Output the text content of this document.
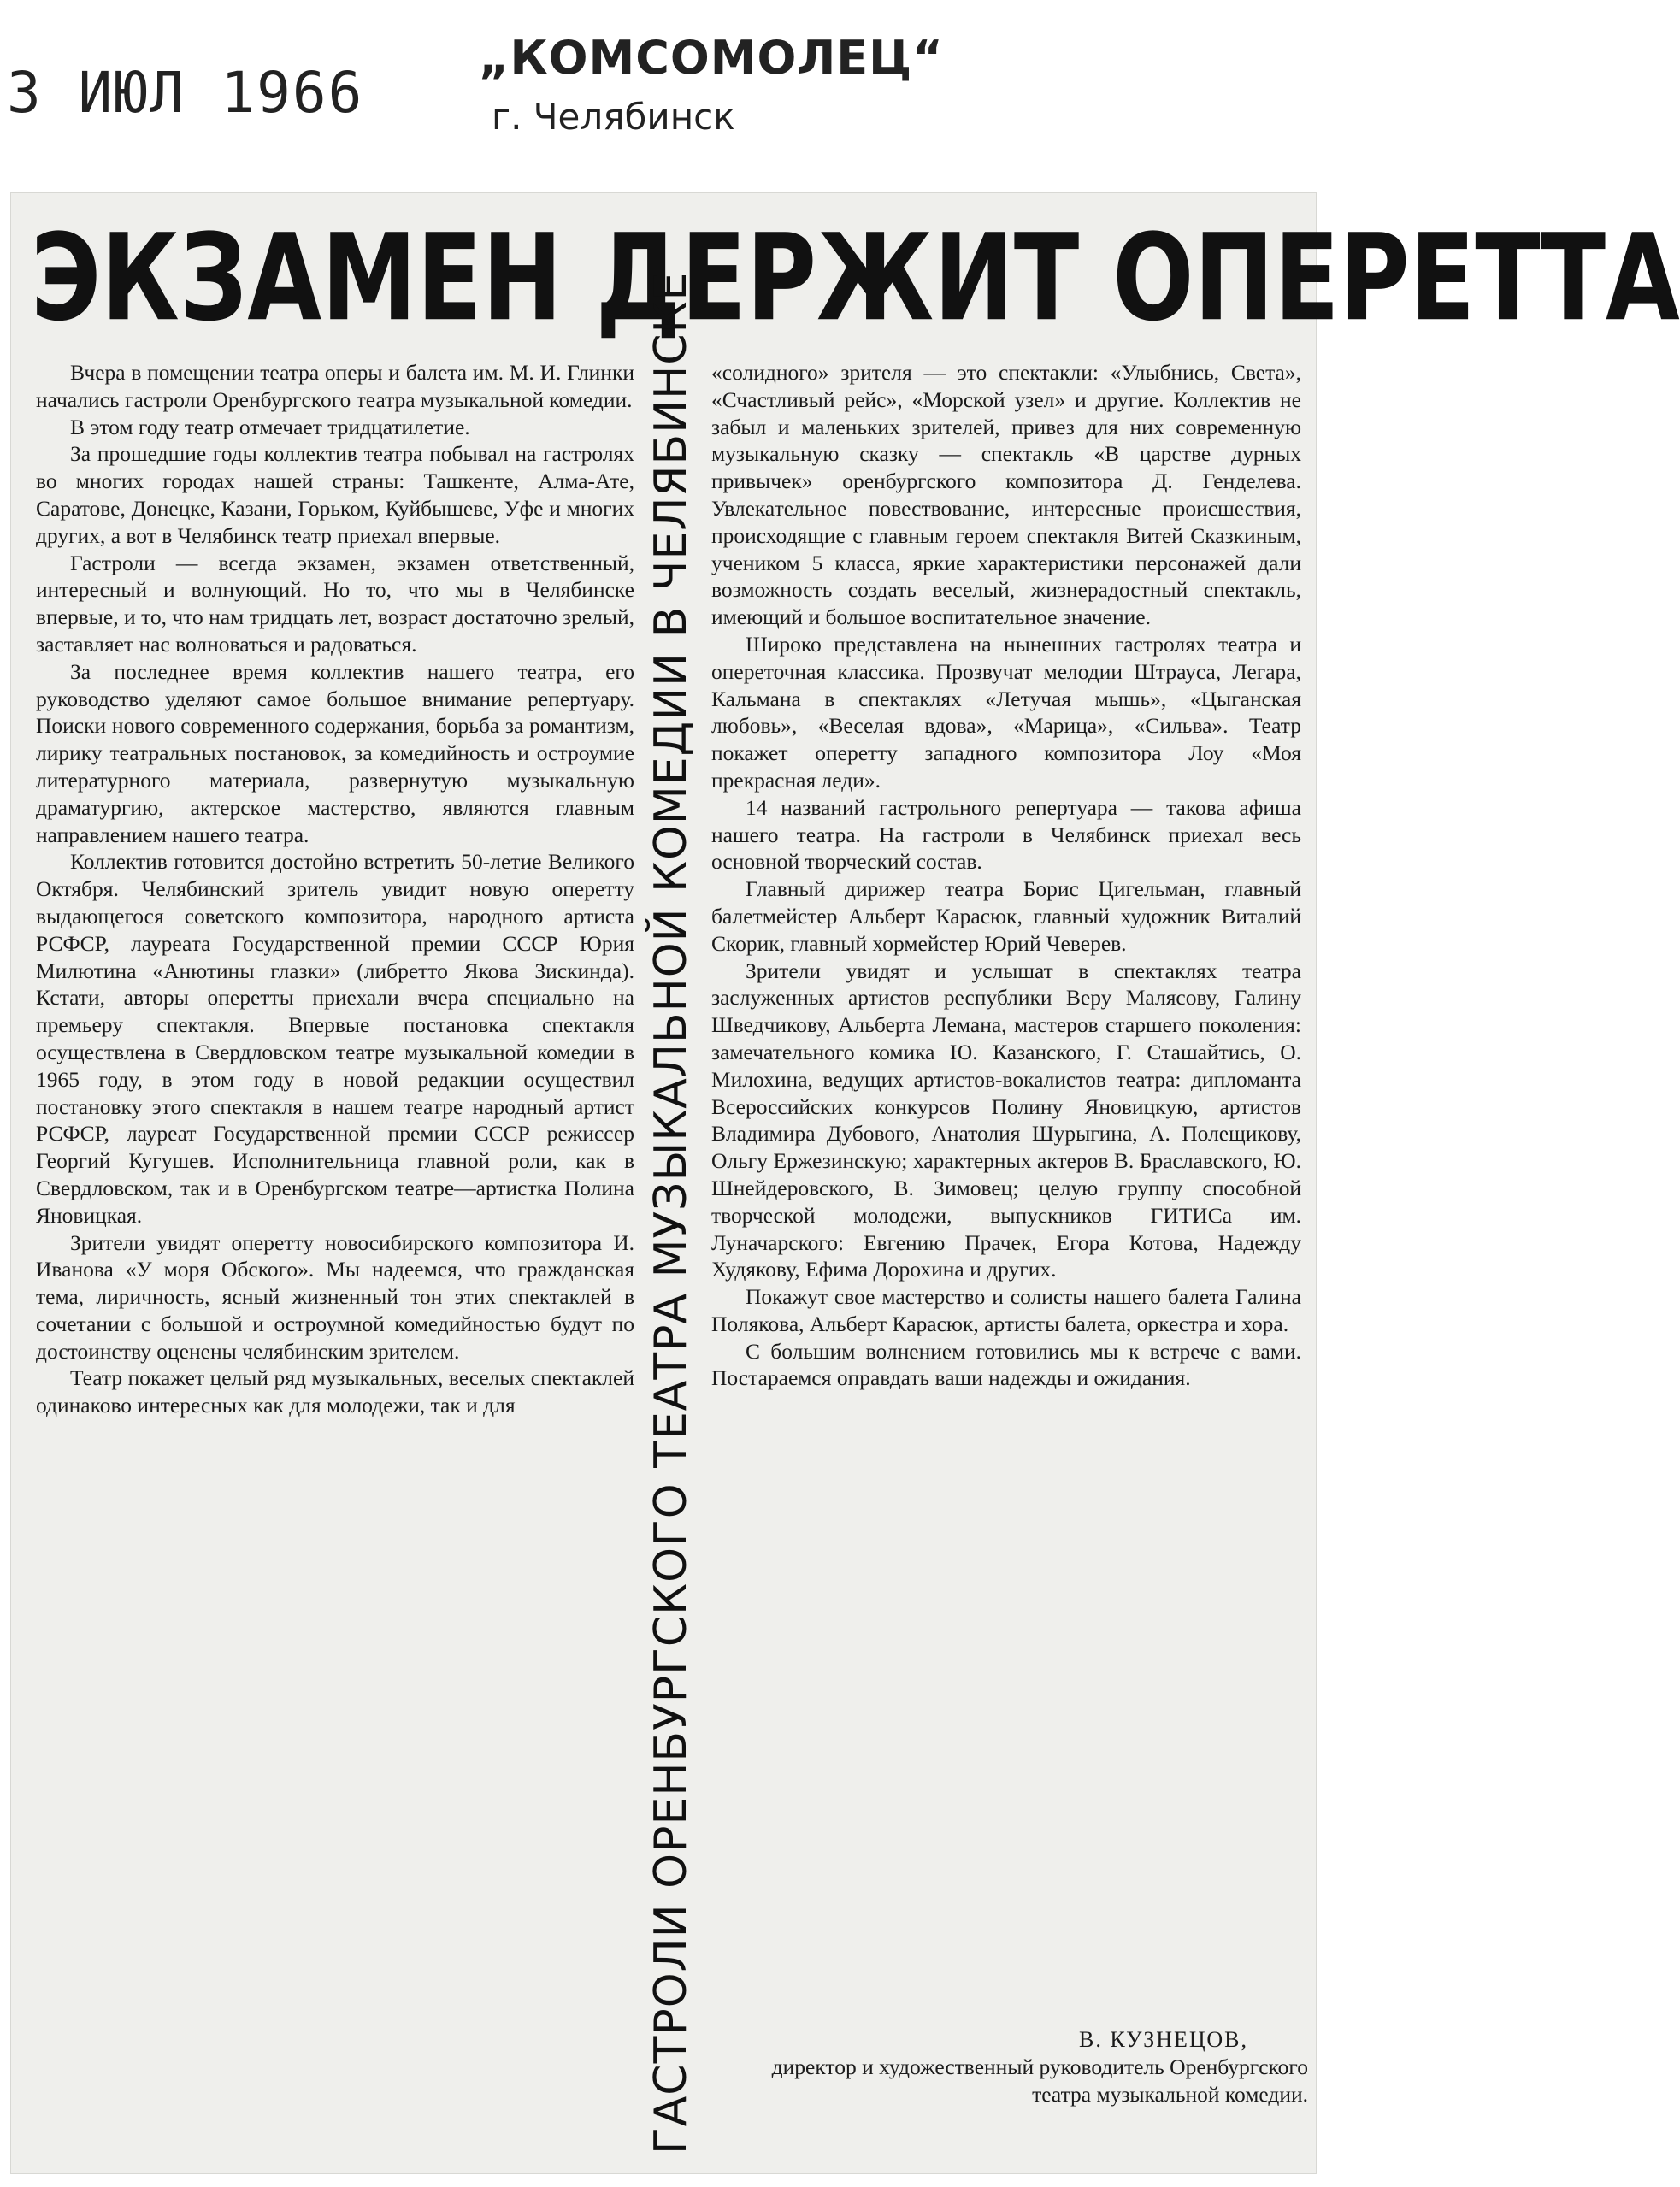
3 ИЮЛ 1966
„КОМСОМОЛЕЦ“
г. Челябинск
ЭКЗАМЕН ДЕРЖИТ ОПЕРЕТТА

Вчера в помещении театра оперы и балета им. М. И. Глинки начались гастроли Оренбургского театра музыкальной комедии.

В этом году театр отмечает тридцатилетие.

За прошедшие годы коллектив театра побывал на гастролях во многих городах нашей страны: Ташкенте, Алма-Ате, Саратове, Донецке, Казани, Горьком, Куйбышеве, Уфе и многих других, а вот в Челябинск театр приехал впервые.

Гастроли — всегда экзамен, экзамен ответственный, интересный и волнующий. Но то, что мы в Челябинске впервые, и то, что нам тридцать лет, возраст достаточно зрелый, заставляет нас волноваться и радоваться.

За последнее время коллектив нашего театра, его руководство уделяют самое большое внимание репертуару. Поиски нового современного содержания, борьба за романтизм, лирику театральных постановок, за комедийность и остроумие литературного материала, развернутую музыкальную драматургию, актерское мастерство, являются главным направлением нашего театра.

Коллектив готовится достойно встретить 50-летие Великого Октября. Челябинский зритель увидит новую оперетту выдающегося советского композитора, народного артиста РСФСР, лауреата Государственной премии СССР Юрия Милютина «Анютины глазки» (либретто Якова Зискинда). Кстати, авторы оперетты приехали вчера специально на премьеру спектакля. Впервые постановка спектакля осуществлена в Свердловском театре музыкальной комедии в 1965 году, в этом году в новой редакции осуществил постановку этого спектакля в нашем театре народный артист РСФСР, лауреат Государственной премии СССР режиссер Георгий Кугушев. Исполнительница главной роли, как в Свердловском, так и в Оренбургском театре—артистка Полина Яновицкая.

Зрители увидят оперетту новосибирского композитора И. Иванова «У моря Обского». Мы надеемся, что гражданская тема, лиричность, ясный жизненный тон этих спектаклей в сочетании с большой и остроумной комедийностью будут по достоинству оценены челябинским зрителем.

Театр покажет целый ряд музыкальных, веселых спектаклей одинаково интересных как для молодежи, так и для	ГАСТРОЛИ ОРЕНБУРГСКОГО ТЕАТРА МУЗЫКАЛЬНОЙ КОМЕДИИ В ЧЕЛЯБИНСКЕ «солидного» зрителя — это спектакли: «Улыбнись, Света», «Счастливый рейс», «Морской узел» и другие. Коллектив не забыл и маленьких зрителей, привез для них современную музыкальную сказку — спектакль «В царстве дурных привычек» оренбургского композитора Д. Генделева. Увлекательное повествование, интересные происшествия, происходящие с главным героем спектакля Витей Сказкиным, учеником 5 класса, яркие характеристики персонажей дали возможность создать веселый, жизнерадостный спектакль, имеющий и большое воспитательное значение.

Широко представлена на нынешних гастролях театра и опереточная классика. Прозвучат мелодии Штрауса, Легара, Кальмана в спектаклях «Летучая мышь», «Цыганская любовь», «Веселая вдова», «Марица», «Сильва». Театр покажет оперетту западного композитора Лоу «Моя прекрасная леди».

14 названий гастрольного репертуара — такова афиша нашего театра. На гастроли в Челябинск приехал весь основной творческий состав.

Главный дирижер театра Борис Цигельман, главный балетмейстер Альберт Карасюк, главный художник Виталий Скорик, главный хормейстер Юрий Чеверев.

Зрители увидят и услышат в спектаклях театра заслуженных артистов республики Веру Малясову, Галину Шведчикову, Альберта Лемана, мастеров старшего поколения: замечательного комика Ю. Казанского, Г. Сташайтись, О. Милохина, ведущих артистов-вокалистов театра: дипломанта Всероссийских конкурсов Полину Яновицкую, артистов Владимира Дубового, Анатолия Шурыгина, А. Полещикову, Ольгу Ержезинскую; характерных актеров В. Браславского, Ю. Шнейдеровского, В. Зимовец; целую группу способной творческой молодежи, выпускников ГИТИСа им. Луначарского: Евгению Прачек, Егора Котова, Надежду Худякову, Ефима Дорохина и других.

Покажут свое мастерство и солисты нашего балета Галина Полякова, Альберт Карасюк, артисты балета, оркестра и хора.

С большим волнением готовились мы к встрече с вами. Постараемся оправдать ваши надежды и ожидания.

В. КУЗНЕЦОВ,
директор и художественный руководитель Оренбургского театра музыкальной комедии.
